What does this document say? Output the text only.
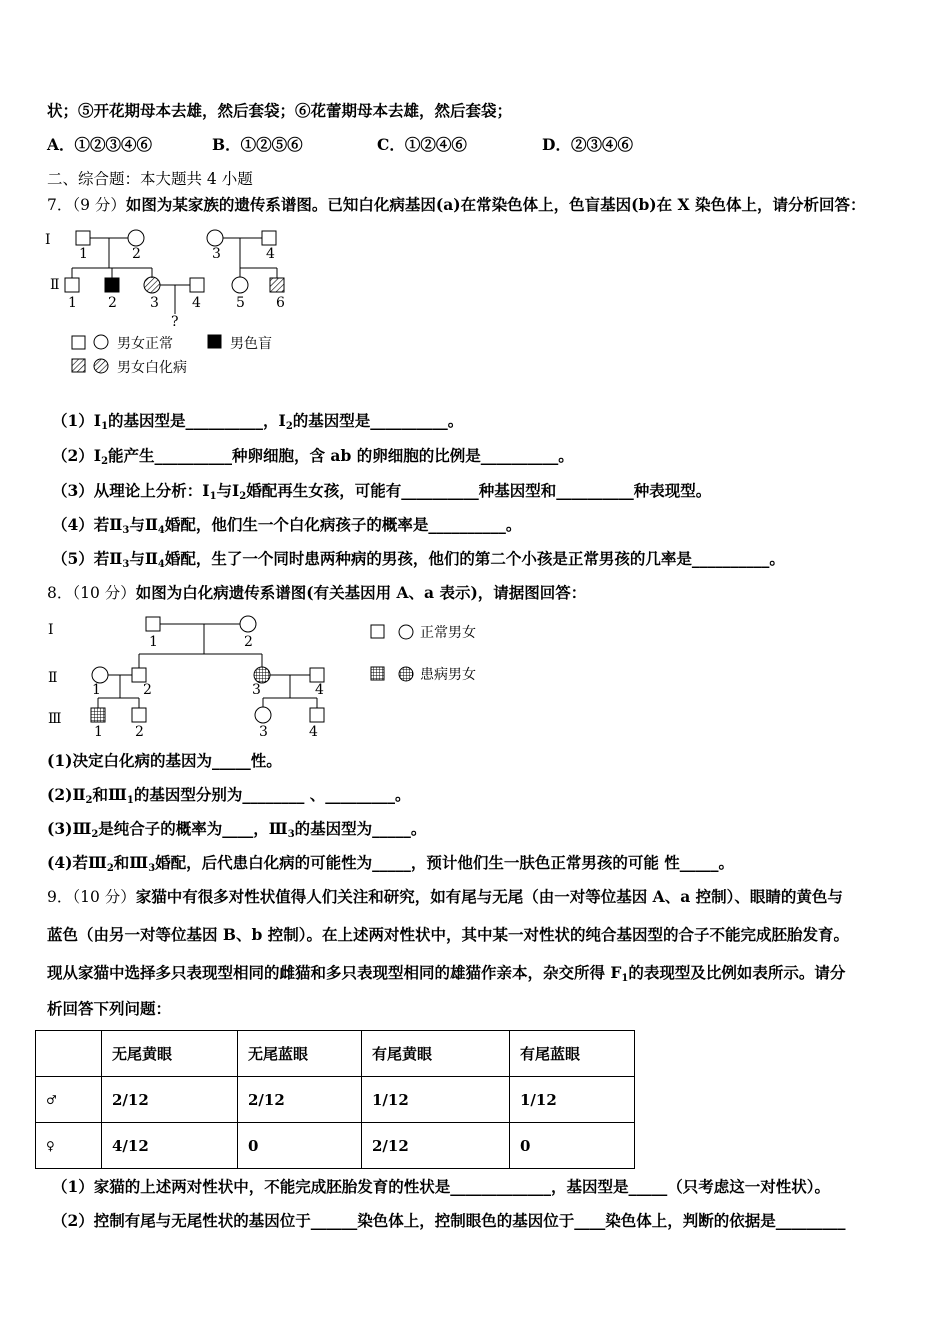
状；⑤开花期母本去雄，然后套袋；⑥花蕾期母本去雄，然后套袋；
A．①②③④⑥	B．①②⑤⑥	C．①②④⑥	D．②③④⑥
二、综合题：本大题共 4 小题
7．（9 分）如图为某家族的遗传系谱图。已知白化病基因(a)在常染色体上，色盲基因(b)在 X 染色体上，请分析回答：
Ⅰ
Ⅱ
1	2	3	4
1 2 3 4	5 6
?
男女正常	男色盲
男女白化病
$(1)Ⅰ_1$的基因型是__________，$Ⅰ_2$的基因型是__________。
$(2)Ⅰ_2$能产生__________种卵细胞，含 ab 的卵细胞的比例是__________。
（3）从理论上分析：$Ⅰ_1$与$Ⅰ_2$婚配再生女孩，可能有__________种基因型和__________种表现型。
（4）若$Ⅱ_3$与$Ⅱ_4$婚配，他们生一个白化病孩子的概率是__________。
（5）若$Ⅱ_3$与$Ⅱ_4$婚配，生了一个同时患两种病的男孩，他们的第二个小孩是正常男孩的几率是__________。
8．（10 分）如图为白化病遗传系谱图(有关基因用 A、a 表示)，请据图回答：
Ⅰ
Ⅱ
Ⅲ
1	2
1	2	3	4
1 2	3	4
正常男女
患病男女
(1)决定白化病的基因为_____性。
$(2)Ⅱ_2$和$Ⅲ_1$的基因型分别为________ 、_________。
$(3)Ⅲ_2$是纯合子的概率为____，$Ⅲ_3$的基因型为_____。
(4)若$Ⅲ_2$和$Ⅲ_3$婚配，后代患白化病的可能性为_____，预计他们生一肤色正常男孩的可能 性_____。
9．（10 分）家猫中有很多对性状值得人们关注和研究，如有尾与无尾（由一对等位基因 A、a 控制）、眼睛的黄色与
蓝色（由另一对等位基因 B、b 控制）。在上述两对性状中，其中某一对性状的纯合基因型的合子不能完成胚胎发育。
现从家猫中选择多只表现型相同的雌猫和多只表现型相同的雄猫作亲本，杂交所得 $F_1$的表现型及比例如表所示。请分
析回答下列问题：
	无尾黄眼	无尾蓝眼	有尾黄眼	有尾蓝眼
♂	2/12	2/12	1/12	1/12
♀	4/12	0	2/12	0
（1）家猫的上述两对性状中，不能完成胚胎发育的性状是_____________，基因型是_____（只考虑这一对性状）。
（2）控制有尾与无尾性状的基因位于______染色体上，控制眼色的基因位于____染色体上，判断的依据是_________
